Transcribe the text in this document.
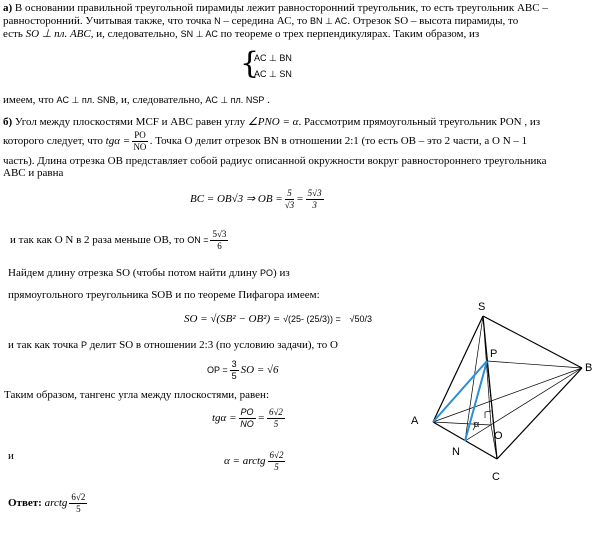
а) В основании правильной треугольной пирамиды лежит равносторонний треугольник, то есть треугольник АВС –
равносторонний. Учитывая также, что точка N – середина АС, то BN ⊥ AC. Отрезок SO – высота пирамиды, то
есть SO ⊥ пл. ABC, и, следовательно, SN ⊥ AC по теореме о трех перпендикулярах. Таким образом, из
{
AC ⊥ BN
AC ⊥ SN
имеем, что AC ⊥ пл. SNB, и, следовательно, AC ⊥ пл. NSP .
б) Угол между плоскостями MCF и ABC равен углу ∠PNO = α. Рассмотрим прямоугольный треугольник PON , из
которого следует, что $tg\alpha = \frac{PO}{NO}$ . Точка O делит отрезок BN в отношении 2:1 (то есть OB – это 2 части, а O N – 1
часть). Длина отрезка OB представляет собой радиус описанной окружности вокруг равностороннего треугольника
АВС и равна
BC = OB√3 ⇒ OB = $\frac{5}{√3} = \frac{5√3}{3}$
и так как O N в 2 раза меньше OB, то ON = $\frac{5√3}{6}$
Найдем длину отрезка SO (чтобы потом найти длину PO) из
прямоугольного треугольника SOB и по теореме Пифагора имеем:
SO = √(SB² − OB²) = √(25- (25/3)) = √50/3
и так как точка P делит SO в отношении 2:3 (по условию задачи), то O
OP = $\frac{3}{5}$ SO = √6
Таким образом, тангенс угла между плоскостями, равен:
$tg\alpha = \frac{PO}{NO} = \frac{6√2}{5}$
и	α = arctg $\frac{6√2}{5}$
Ответ: arctg $\frac{6√2}{5}$
S
A
B
C
N
O
P
α
